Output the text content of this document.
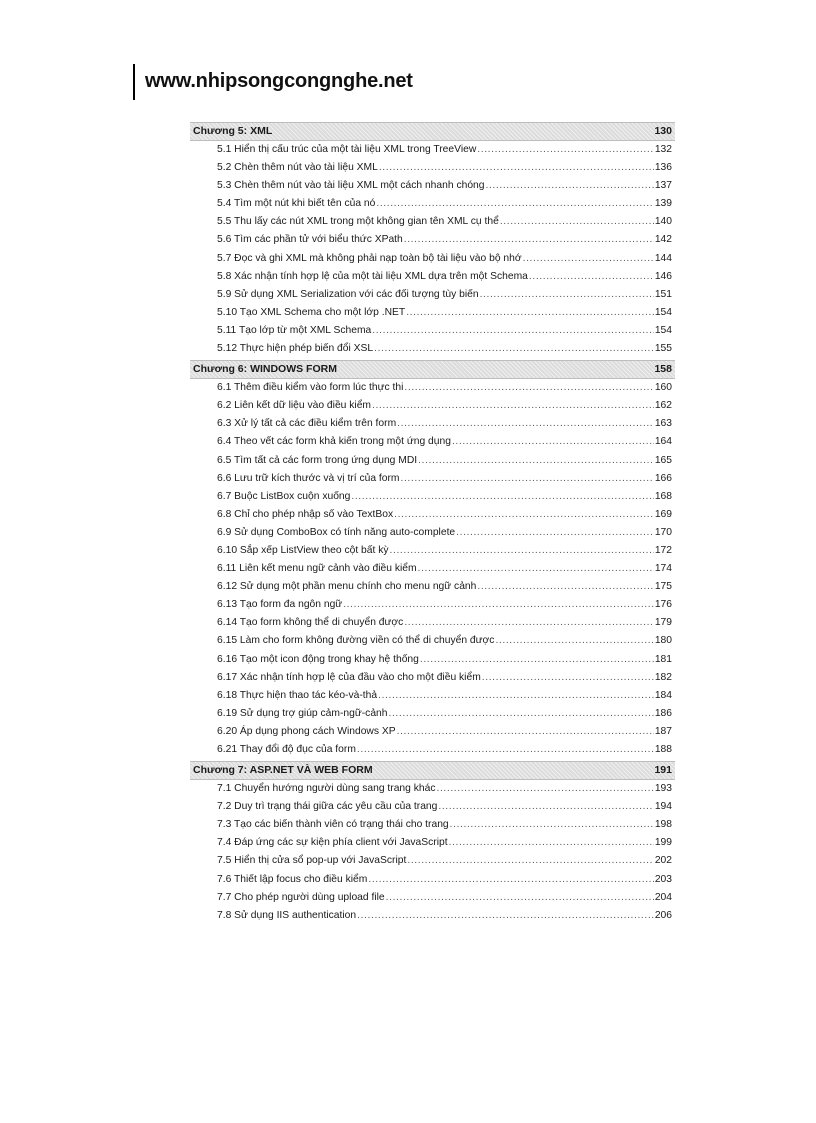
www.nhipsongcongnghe.net
Chương 5: XML	130
5.1 Hiển thị cấu trúc của một tài liệu XML trong TreeView .....	132
5.2 Chèn thêm nút vào tài liệu XML .....	136
5.3 Chèn thêm nút vào tài liệu XML một cách nhanh chóng .....	137
5.4 Tìm một nút khi biết tên của nó .....	139
5.5 Thu lấy các nút XML trong một không gian tên XML cụ thể .....	140
5.6 Tìm các phần tử với biểu thức XPath .....	142
5.7 Đọc và ghi XML mà không phải nạp toàn bộ tài liệu vào bộ nhớ .....	144
5.8 Xác nhận tính hợp lệ của một tài liệu XML dựa trên một Schema .....	146
5.9 Sử dụng XML Serialization với các đối tượng tùy biến .....	151
5.10 Tạo XML Schema cho một lớp .NET .....	154
5.11 Tạo lớp từ một XML Schema .....	154
5.12 Thực hiện phép biến đổi XSL .....	155
Chương 6: WINDOWS FORM	158
6.1 Thêm điều kiểm vào form lúc thực thi .....	160
6.2 Liên kết dữ liệu vào điều kiểm .....	162
6.3 Xử lý tất cả các điều kiểm trên form .....	163
6.4 Theo vết các form khả kiến trong một ứng dụng .....	164
6.5 Tìm tất cả các form trong ứng dụng MDI .....	165
6.6 Lưu trữ kích thước và vị trí của form .....	166
6.7 Buộc ListBox cuộn xuống .....	168
6.8 Chỉ cho phép nhập số vào TextBox .....	169
6.9 Sử dụng ComboBox có tính năng auto-complete .....	170
6.10 Sắp xếp ListView theo cột bất kỳ .....	172
6.11 Liên kết menu ngữ cảnh vào điều kiểm .....	174
6.12 Sử dụng một phần menu chính cho menu ngữ cảnh .....	175
6.13 Tạo form đa ngôn ngữ .....	176
6.14 Tạo form không thể di chuyển được .....	179
6.15 Làm cho form không đường viền có thể di chuyển được .....	180
6.16 Tạo một icon động trong khay hệ thống .....	181
6.17 Xác nhận tính hợp lệ của đầu vào cho một điều kiểm .....	182
6.18 Thực hiện thao tác kéo-và-thả .....	184
6.19 Sử dụng trợ giúp cảm-ngữ-cảnh .....	186
6.20 Áp dụng phong cách Windows XP .....	187
6.21 Thay đổi độ đục của form .....	188
Chương 7: ASP.NET VÀ WEB FORM	191
7.1 Chuyển hướng người dùng sang trang khác .....	193
7.2 Duy trì trạng thái giữa các yêu cầu của trang .....	194
7.3 Tạo các biến thành viên có trạng thái cho trang .....	198
7.4 Đáp ứng các sự kiện phía client với JavaScript .....	199
7.5 Hiển thị cửa sổ pop-up với JavaScript .....	202
7.6 Thiết lập focus cho điều kiểm .....	203
7.7 Cho phép người dùng upload file .....	204
7.8 Sử dụng IIS authentication .....	206
